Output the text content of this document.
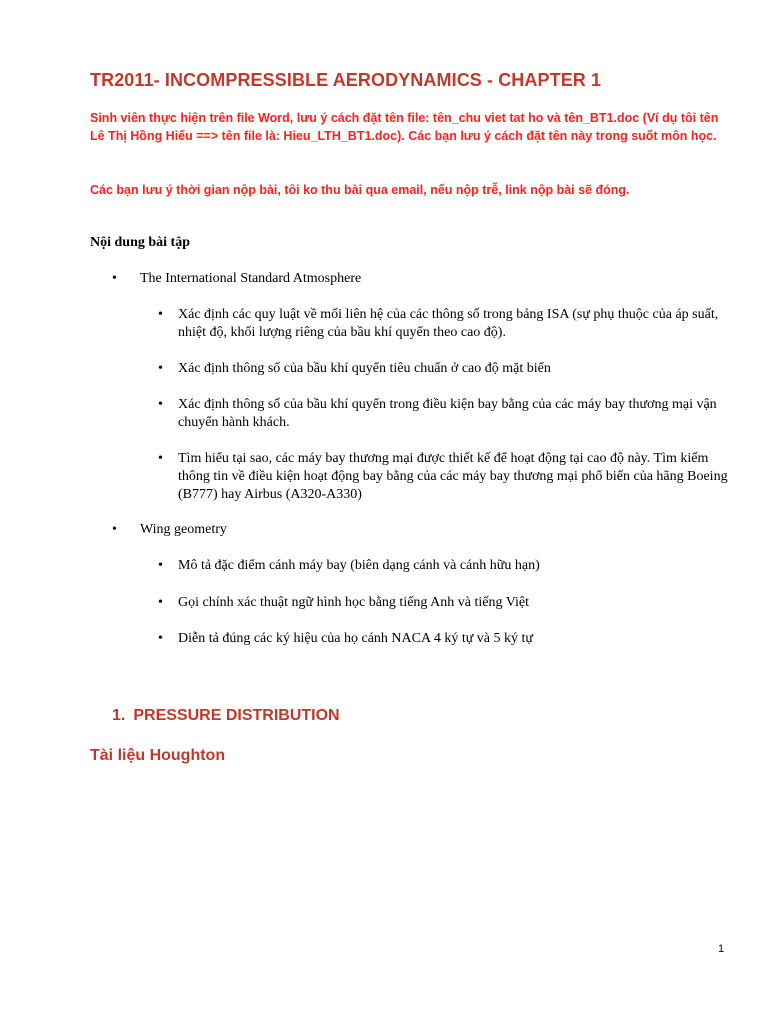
TR2011- INCOMPRESSIBLE AERODYNAMICS - CHAPTER 1
Sinh viên thực hiện trên file Word, lưu ý cách đặt tên file: tên_chu viet tat ho và tên_BT1.doc (Ví dụ tôi tên Lê Thị Hồng Hiếu ==> tên file là: Hieu_LTH_BT1.doc). Các bạn lưu ý cách đặt tên này trong suốt môn học.
Các bạn lưu ý thời gian nộp bài, tôi ko thu bài qua email, nếu nộp trễ, link nộp bài sẽ đóng.
Nội dung bài tập
•	The International Standard Atmosphere
•	Xác định các quy luật về mối liên hệ của các thông số trong bảng ISA (sự phụ thuộc của áp suất, nhiệt độ, khối lượng riêng của bầu khí quyển theo cao độ).
•	Xác định thông số của bầu khí quyển tiêu chuẩn ở cao độ mặt biển
•	Xác định thông số của bầu khí quyển trong điều kiện bay bằng của các máy bay thương mại vận chuyển hành khách.
•	Tìm hiểu tại sao, các máy bay thương mại được thiết kế để hoạt động tại cao độ này. Tìm kiếm thông tin về điều kiện hoạt động bay bằng của các máy bay thương mại phổ biến của hãng Boeing (B777) hay Airbus (A320-A330)
•	Wing geometry
•	Mô tả đặc điểm cánh máy bay (biên dạng cánh và cánh hữu hạn)
•	Gọi chính xác thuật ngữ hình học bằng tiếng Anh và tiếng Việt
•	Diễn tả đúng các ký hiệu của họ cánh NACA 4 ký tự và 5 ký tự
1. PRESSURE DISTRIBUTION
Tài liệu Houghton
1
